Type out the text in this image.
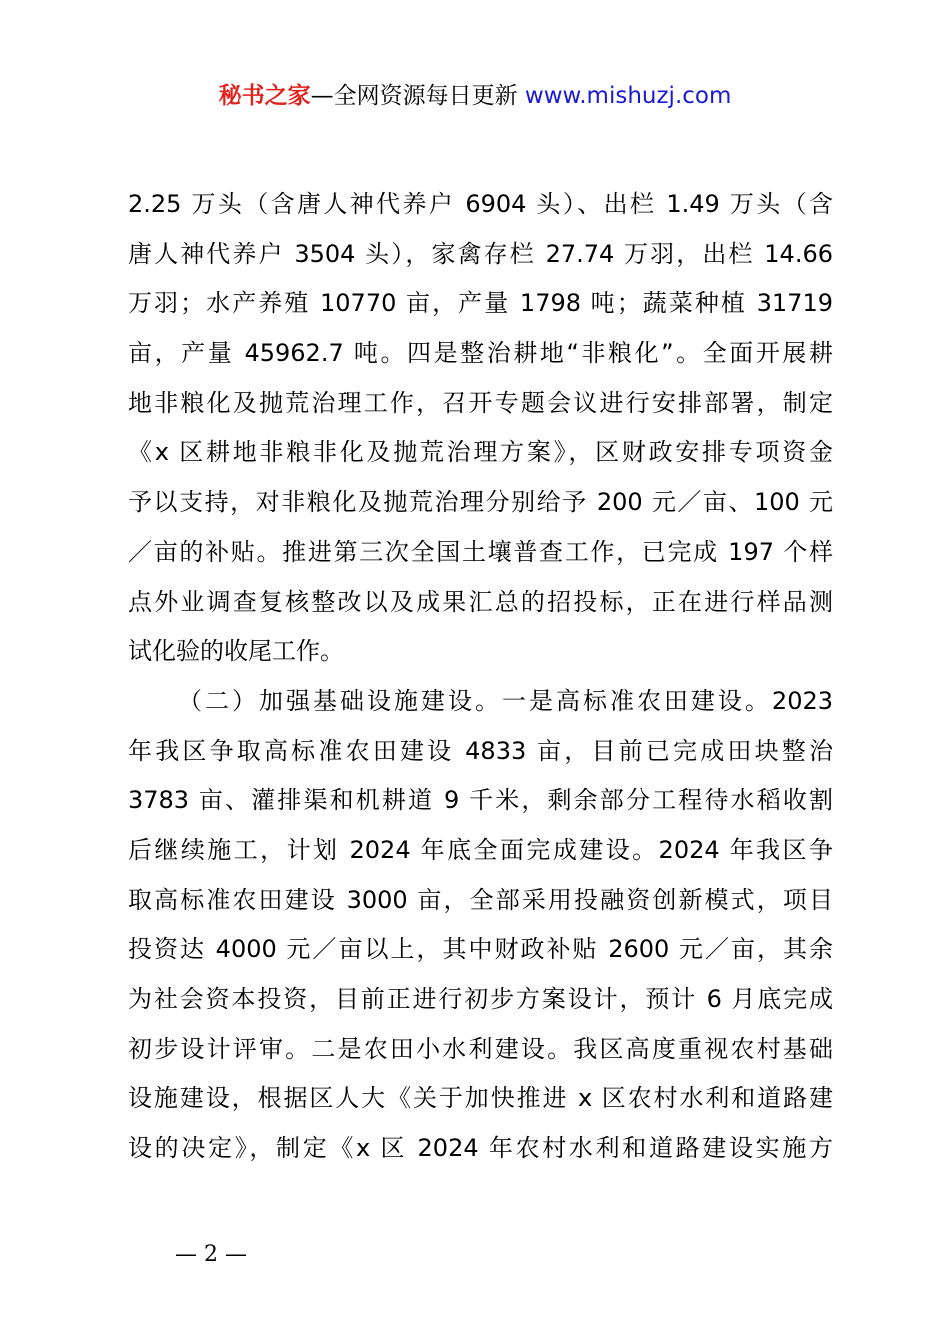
秘书之家—全网资源每日更新 www.mishuzj.com
2.25 万头（含唐人神代养户 6904 头）、出栏 1.49 万头（含
唐人神代养户 3504 头），家禽存栏 27.74 万羽，出栏 14.66
万羽；水产养殖 10770 亩，产量 1798 吨；蔬菜种植 31719
亩，产量 45962.7 吨。四是整治耕地“非粮化”。全面开展耕
地非粮化及抛荒治理工作，召开专题会议进行安排部署，制定
《x 区耕地非粮非化及抛荒治理方案》，区财政安排专项资金
予以支持，对非粮化及抛荒治理分别给予 200 元／亩、100 元
／亩的补贴。推进第三次全国土壤普查工作，已完成 197 个样
点外业调查复核整改以及成果汇总的招投标，正在进行样品测
试化验的收尾工作。
（二）加强基础设施建设。一是高标准农田建设。2023
年我区争取高标准农田建设 4833 亩，目前已完成田块整治
3783 亩、灌排渠和机耕道 9 千米，剩余部分工程待水稻收割
后继续施工，计划 2024 年底全面完成建设。2024 年我区争
取高标准农田建设 3000 亩，全部采用投融资创新模式，项目
投资达 4000 元／亩以上，其中财政补贴 2600 元／亩，其余
为社会资本投资，目前正进行初步方案设计，预计 6 月底完成
初步设计评审。二是农田小水利建设。我区高度重视农村基础
设施建设，根据区人大《关于加快推进 x 区农村水利和道路建
设的决定》，制定《x 区 2024 年农村水利和道路建设实施方
— 2 —
